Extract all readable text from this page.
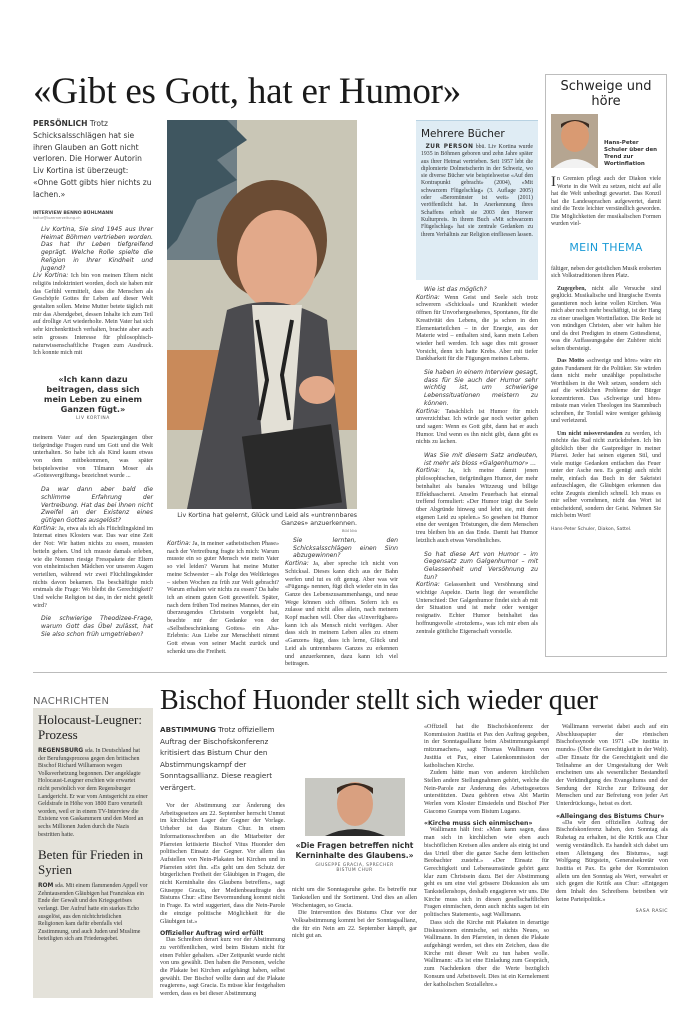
«Gibt es Gott, hat er Humor»

PERSÖNLICH Trotz Schicksalsschlägen hat sie ihren Glauben an Gott nicht verloren. Die Horwer Autorin Liv Kortina ist überzeugt: «Ohne Gott gibts hier nichts zu lachen.»

INTERVIEW BENNO BÜHLMANN
kultur@luzernerzeitung.ch

Liv Kortina, Sie sind 1945 aus Ihrer Heimat Böhmen vertrieben worden. Das hat Ihr Leben tiefgreifend geprägt. Welche Rolle spielte die Religion in Ihrer Kindheit und Jugend?

Liv Kortina: Ich bin von meinen Eltern nicht religiös indoktriniert worden, doch sie haben mir das Gefühl vermittelt, dass die Menschen als Geschöpfe Gottes ihr Leben auf dieser Welt gestalten sollen. Meine Mutter betete täglich mit mir das Abendgebet, dessen Inhalte ich zum Teil auf drollige Art wiederholte. Mein Vater hat sich sehr kirchenkritisch verhalten, brachte aber auch sein grosses Interesse für philosophisch-naturwissenschaftliche Fragen zum Ausdruck. Ich konnte mich mit

«Ich kann dazu beitragen, dass sich mein Leben zu einem Ganzen fügt.»
LIV KORTINA

meinem Vater auf den Spaziergängen über tiefgründige Fragen rund um Gott und die Welt unterhalten. So habe ich als Kind kaum etwas von dem mitbekommen, was später beispielsweise von Tilmann Moser als «Gottesvergiftung» bezeichnet wurde ...

Da war dann aber bald die schlimme Erfahrung der Vertreibung. Hat das bei Ihnen nicht Zweifel an der Existenz eines gütigen Gottes ausgelöst?

Kortina: Ja, etwa als ich als Flüchtlingskind im Internat eines Klosters war. Das war eine Zeit der Not: Wir hatten nichts zu essen, mussten betteln gehen. Und ich musste damals erleben, wie die Nonnen riesige Fresspakete der Eltern von einheimischen Mädchen vor unseren Augen verteilten, während wir zwei Flüchtlingskinder nichts davon bekamen. Da beschäftigte mich erstmals die Frage: Wo bleibt die Gerechtigkeit? Und welche Religion ist das, in der nicht geteilt wird?

Die schwierige Theodizee-Frage, warum Gott das Übel zulässt, hat Sie also schon früh umgetrieben?

Liv Kortina hat gelernt, Glück und Leid als «untrennbares Ganzes» anzuerkennen.
Bild bbü

Kortina: Ja, in meiner «atheistischen Phase» nach der Vertreibung fragte ich mich: Warum musste ein so guter Mensch wie mein Vater so viel leiden? Warum hat meine Mutter meine Schwester – als Folge des Weltkrieges – sieben Wochen zu früh zur Welt gebracht? Warum erhalten wir nichts zu essen? Da habe ich an einem guten Gott gezweifelt. Später, nach dem frühen Tod meines Mannes, der ein überzeugendes Christsein vorgelebt hat, beachte mir der Gedanke von der «Selbstbeschränkung Gottes» ein Aha-Erlebnis: Aus Liebe zur Menschheit nimmt Gott etwas von seiner Macht zurück und schenkt uns die Freiheit.

Sie lernten, den Schicksalsschlägen einen Sinn abzugewinnen?

Kortina: Ja, aber spreche ich nicht von Schicksal. Dieses kann dich aus der Bahn werfen und tut es oft genug. Aber was wir «Fügung» nennen, fügt dich wieder ein in das Ganze des Lebenszusammenhangs, und neue Wege können sich öffnen. Sofern ich es zulasse und nicht alles allein, nach meinem Kopf machen will. Über das «Unverfügbare» kann ich als Mensch nicht verfügen. Aber dass sich in meinem Leben alles zu einem «Ganzen» fügt, dass ich lerne, Glück und Leid als untrennbares Ganzes zu erkennen und anzuerkennen, dazu kann ich viel beitragen.

Mehrere Bücher

ZUR PERSON bbü. Liv Kortina wurde 1935 in Böhmen geboren und zehn Jahre später aus ihrer Heimat vertrieben. Seit 1957 lebt die diplomierte Dolmetscherin in der Schweiz, wo sie diverse Bücher wie beispielsweise «Auf den Kontrapunkt gebracht» (2004), «Mit schwarzem Flügelschlag» (3. Auflage 2005) oder «Beromünster ist weit» (2011) veröffentlicht hat. In Anerkennung ihres Schaffens erhielt sie 2003 den Horwer Kulturpreis. In ihrem Buch «Mit schwarzem Flügelschlag» hat sie zentrale Gedanken zu ihrem Verhältnis zur Religion einfliessen lassen.

Wie ist das möglich?

Kortina: Wenn Geist und Seele sich trotz schwerem «Schicksal» und Krankheit wieder öffnen für Unvorhergesehenes, Spontanes, für die Kreativität des Lebens, die ja schon in den Elementarteilchen – in der Energie, aus der Materie wird – enthalten sind, kann mein Leben wieder heil werden. Ich sage dies mit grosser Vorsicht, denn ich hatte Krebs. Aber mit tiefer Dankbarkeit für die Fügungen meines Lebens.

Sie haben in einem Interview gesagt, dass für Sie auch der Humor sehr wichtig ist, um schwierige Lebenssituationen meistern zu können.

Kortina: Tatsächlich ist Humor für mich unverzichtbar. Ich würde gar noch weiter gehen und sagen: Wenn es Gott gibt, dann hat er auch Humor. Und wenn es ihn nicht gibt, dann gibt es nichts zu lachen.

Was Sie mit diesem Satz andeuten, ist mehr als bloss «Galgenhumor» ...

Kortina: Ja, ich meine damit jenen philosophischen, tiefgründigen Humor, der mehr beinhaltet als banales Witzzeug und billige Effekthascherei. Anselm Feuerbach hat einmal treffend formuliert: «Der Humor trägt die Seele über Abgründe hinweg und lehrt sie, mit dem eigenen Leid zu spielen.» So gesehen ist Humor eine der wenigen Tröstungen, die dem Menschen treu bleiben bis an das Ende. Damit hat Humor letztlich auch etwas Versöhnliches.

So hat diese Art von Humor – im Gegensatz zum Galgenhumor – mit Gelassenheit und Versöhnung zu tun?

Kortina: Gelassenheit und Versöhnung sind wichtige Aspekte. Darin liegt der wesentliche Unterschied: Der Galgenhumor findet sich ab mit der Situation und ist mehr oder weniger resignativ. Echter Humor beinhaltet das hoffnungsvolle «trotzdem», was ich mir eben als zentrale göttliche Eigenschaft vorstelle.

Schweige und höre
Hans-Peter Schuler über den Trend zur Wortinflation

In Gremien pflegt auch der Diakon viele Worte in die Welt zu setzen, nicht auf alle hat die Welt unbedingt gewartet. Das Konzil hat die Landessprachen aufgewertet, damit sind die Texte leichter verständlich geworden. Die Möglichkeiten der musikalischen Formen wurden viel-

MEIN THEMA

fältiger, neben der geistlichen Musik eroberten sich Volkstraditionen ihren Platz.

Zugegeben, nicht alle Versuche sind geglückt. Musikalische und liturgische Events garantieren noch keine vollen Kirchen. Was mich aber noch mehr beschäftigt, ist der Hang zu einer unseligen Wortinflation. Die Rede ist von mündigen Christen, aber wir halten hie und da drei Predigten in einem Gottesdienst, was die Auffassungsgabe der Zuhörer nicht selten übersteigt.

Das Motto «schweige und höre» wäre ein gutes Fundament für die Politiker. Sie würden dann nicht mehr unzählige populistische Worthülsen in die Welt setzen, sondern sich auf die wirklichen Probleme der Bürger konzentrieren. Das «Schweige und höre» müsste man vielen Theologen ins Stammbuch schreiben, ihr Tonfall wäre weniger gehässig und verletzend.

Um nicht missverstanden zu werden, ich möchte das Rad nicht zurückdrehen. Ich bin glücklich über die Gastprediger in meiner Pfarrei. Jeder hat seinen eigenen Stil, und viele mutige Gedanken entfachen das Feuer unter der Asche neu. Es genügt auch nicht mehr, einfach das Buch in der Sakristei aufzuschlagen, die Gläubigen erkennen das echte Zeugnis ziemlich schnell. Ich muss es mir selber vornehmen, nicht das Wort ist entscheidend, sondern der Geist. Nehmen Sie mich beim Wort!

Hans-Peter Schuler, Diakon, Sattel.
NACHRICHTEN
Holocaust-Leugner: Prozess

REGENSBURG sda. In Deutschland hat der Berufungsprozess gegen den britischen Bischof Richard Williamson wegen Volksverhetzung begonnen. Der angeklagte Holocaust-Leugner erschien wie erwartet nicht persönlich vor dem Regensburger Landgericht. Er war vom Amtsgericht zu einer Geldstrafe in Höhe von 1800 Euro verurteilt worden, weil er in einem TV-Interview die Existenz von Gaskammern und den Mord an sechs Millionen Juden durch die Nazis bestritten hatte.

Beten für Frieden in Syrien

ROM sda. Mit einem flammenden Appell vor Zehntausenden Gläubigen hat Franziskus ein Ende der Gewalt und des Kriegsgetöses verlangt. Der Aufruf hatte ein starkes Echo ausgelöst, aus den nichtchristlichen Religionen kam dafür ebenfalls viel Zustimmung, und auch Juden und Muslime beteiligten sich am Friedensgebet.

Bischof Huonder stellt sich wieder quer
ABSTIMMUNG Trotz offiziellem Auftrag der Bischofskonferenz kritisiert das Bistum Chur den Abstimmungskampf der Sonntagsallianz. Diese reagiert verärgert.

Vor der Abstimmung zur Änderung des Arbeitsgesetzes am 22. September herrscht Unmut im kirchlichen Lager der Gegner der Vorlage. Urheber ist das Bistum Chur. In einem Informationsschreiben an die Mitarbeiter der Pfarreien kritisierte Bischof Vitus Huonder den politischen Einsatz der Gegner. Vor allem das Aufstellen von Nein-Plakaten bei Kirchen und in Pfarreien stört ihn. «Es geht um den Schutz der bürgerlichen Freiheit der Gläubigen in Fragen, die nicht Kerninhalte des Glaubens betreffen», sagt Giuseppe Gracia, der Medienbeauftragte des Bistums Chur: «Eine Bevormundung kommt nicht in Frage. Es wird suggeriert, dass die Nein-Parole die einzige politische Möglichkeit für die Gläubigen ist.»

Offizieller Auftrag wird erfüllt

Das Schreiben derart kurz vor der Abstimmung zu veröffentlichen, wird beim Bistum nicht für einen Fehler gehalten. «Der Zeitpunkt wurde nicht von uns gewählt. Den haben die Personen, welche die Plakate bei Kirchen aufgehängt haben, selbst gewählt. Der Bischof wollte dann auf die Plakate reagieren», sagt Gracia. Es müsse klar festgehalten werden, dass es bei dieser Abstimmung

«Die Fragen betreffen nicht Kerninhalte des Glaubens.»
GIUSEPPE GRACIA, SPRECHER BISTUM CHUR

nicht um die Sonntagsruhe gehe. Es betreffe nur Tankstellen und ihr Sortiment. Und dies an allen Wochentagen, so Gracia.

Die Intervention des Bistums Chur vor der Volksabstimmung kommt bei der Sonntagsallianz, die für ein Nein am 22. September kämpft, gar nicht gut an.

«Offiziell hat die Bischofskonferenz der Kommission Justitia et Pax den Auftrag gegeben, in der Sonntagsallianz beim Abstimmungskampf mitzumachen», sagt Thomas Wallimann von Justitia et Pax, einer Laienkommission der katholischen Kirche.

Zudem hätte man von anderen kirchlichen Stellen andere Stellungnahmen gehört, welche die Nein-Parole zur Änderung des Arbeitsgesetzes unterstützten. Dazu gehören etwa Abt Martin Werlen vom Kloster Einsiedeln und Bischof Pier Giacomo Grampa vom Bistum Lugano.

«Kirche muss sich einmischen»

Wallimann hält fest: «Man kann sagen, dass man sich in kirchlichen wie eben auch bischöflichen Kreisen alles andere als einig ist und das Urteil über die ganze Sache dem kritischen Beobachter zusteht.» «Der Einsatz für Gerechtigkeit und Lebensumstände gehört ganz klar zum Christsein dazu. Bei der Abstimmung geht es um eine viel grössere Diskussion als um Tankstellenshops, deshalb engagieren wir uns. Die Kirche muss sich in diesen gesellschaftlichen Fragen einmischen, denn auch nichts sagen ist ein politisches Statement», sagt Wallimann.

Dass sich die Kirche mit Plakaten in derartige Diskussionen einmische, sei nichts Neues, so Wallimann. In den Pfarreien, in denen die Plakate aufgehängt werden, sei dies ein Zeichen, dass die Kirche mit dieser Welt zu tun haben wolle. Wallimann: «Es ist eine Einladung zum Gespräch, zum Nachdenken über die Werte bezüglich Konsum und Arbeitswelt. Dies ist ein Kernelement der katholischen Soziallehre.»

Wallimann verweist dabei auch auf ein Abschlusspapier der römischen Bischofssynode von 1971 «De iustitia in mundo» (Über die Gerechtigkeit in der Welt). «Der Einsatz für die Gerechtigkeit und die Teilnahme an der Umgestaltung der Welt erscheinen uns als wesentlicher Bestandteil der Verkündigung des Evangeliums und der Sendung der Kirche zur Erlösung der Menschen und zur Befreiung von jeder Art Unterdrückung», heisst es dort.

«Alleingang des Bistums Chur»

«Da wir den offiziellen Auftrag der Bischofskonferenz haben, den Sonntag als Ruhetag zu erhalten, ist die Kritik aus Chur wenig verständlich. Es handelt sich dabei um einen Alleingang des Bistums», sagt Wolfgang Bürgstein, Generalsekretär von Iustitia et Pax. Es gehe der Kommission allein um den Sonntag als Wert, verwahrt er sich gegen die Kritik aus Chur: «Entgegen dem Inhalt des Schreibens betreiben wir keine Parteipolitik.»

SASA RASIC
